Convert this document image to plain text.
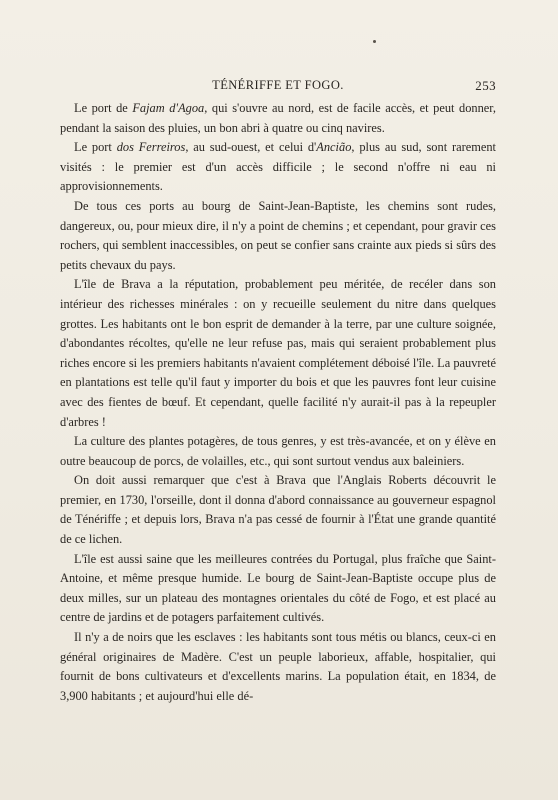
TÉNÉRIFFE ET FOGO.	253

Le port de Fajam d'Agoa, qui s'ouvre au nord, est de facile accès, et peut donner, pendant la saison des pluies, un bon abri à quatre ou cinq navires.

Le port dos Ferreiros, au sud-ouest, et celui d'Ancião, plus au sud, sont rarement visités : le premier est d'un accès difficile ; le second n'offre ni eau ni approvisionnements.

De tous ces ports au bourg de Saint-Jean-Baptiste, les chemins sont rudes, dangereux, ou, pour mieux dire, il n'y a point de chemins ; et cependant, pour gravir ces rochers, qui semblent inaccessibles, on peut se confier sans crainte aux pieds si sûrs des petits chevaux du pays.

L'île de Brava a la réputation, probablement peu méritée, de recéler dans son intérieur des richesses minérales : on y recueille seulement du nitre dans quelques grottes. Les habitants ont le bon esprit de demander à la terre, par une culture soignée, d'abondantes récoltes, qu'elle ne leur refuse pas, mais qui seraient probablement plus riches encore si les premiers habitants n'avaient complétement déboisé l'île. La pauvreté en plantations est telle qu'il faut y importer du bois et que les pauvres font leur cuisine avec des fientes de bœuf. Et cependant, quelle facilité n'y aurait-il pas à la repeupler d'arbres !

La culture des plantes potagères, de tous genres, y est très-avancée, et on y élève en outre beaucoup de porcs, de volailles, etc., qui sont surtout vendus aux baleiniers.

On doit aussi remarquer que c'est à Brava que l'Anglais Roberts découvrit le premier, en 1730, l'orseille, dont il donna d'abord connaissance au gouverneur espagnol de Ténériffe ; et depuis lors, Brava n'a pas cessé de fournir à l'État une grande quantité de ce lichen.

L'île est aussi saine que les meilleures contrées du Portugal, plus fraîche que Saint-Antoine, et même presque humide. Le bourg de Saint-Jean-Baptiste occupe plus de deux milles, sur un plateau des montagnes orientales du côté de Fogo, et est placé au centre de jardins et de potagers parfaitement cultivés.

Il n'y a de noirs que les esclaves : les habitants sont tous métis ou blancs, ceux-ci en général originaires de Madère. C'est un peuple laborieux, affable, hospitalier, qui fournit de bons cultivateurs et d'excellents marins. La population était, en 1834, de 3,900 habitants ; et aujourd'hui elle dé-
